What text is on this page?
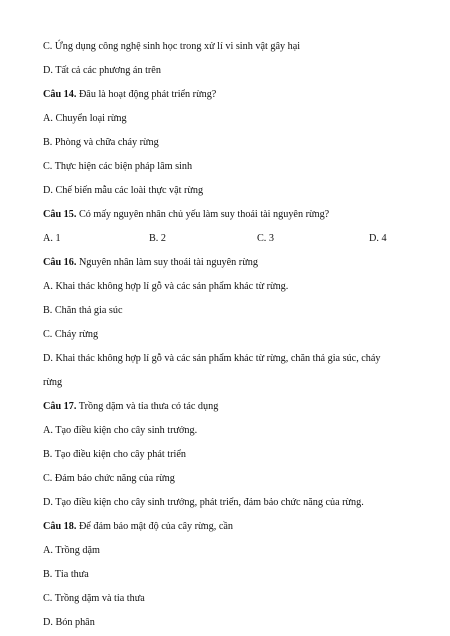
C. Ứng dụng công nghệ sinh học trong xử lí vi sinh vật gây hại
D. Tất cả các phương án trên
Câu 14. Đâu là hoạt động phát triển rừng?
A. Chuyển loại rừng
B. Phòng và chữa cháy rừng
C. Thực hiện các biện pháp lâm sinh
D. Chế biến mẫu các loài thực vật rừng
Câu 15. Có mấy nguyên nhân chủ yếu làm suy thoái tài nguyên rừng?
A. 1	B. 2	C. 3	D. 4
Câu 16. Nguyên nhân làm suy thoái tài nguyên rừng
A. Khai thác không hợp lí gỗ và các sản phẩm khác từ rừng.
B. Chăn thả gia súc
C. Cháy rừng
D. Khai thác không hợp lí gỗ và các sản phẩm khác từ rừng, chăn thả gia súc, cháy
rừng
Câu 17. Trồng dặm và tỉa thưa có tác dụng
A. Tạo điều kiện cho cây sinh trưởng.
B. Tạo điều kiện cho cây phát triển
C. Đảm bảo chức năng của rừng
D. Tạo điều kiện cho cây sinh trưởng, phát triển, đảm bảo chức năng của rừng.
Câu 18. Để đảm bảo mật độ của cây rừng, cần
A. Trồng dặm
B. Tỉa thưa
C. Trồng dặm và tỉa thưa
D. Bón phân
